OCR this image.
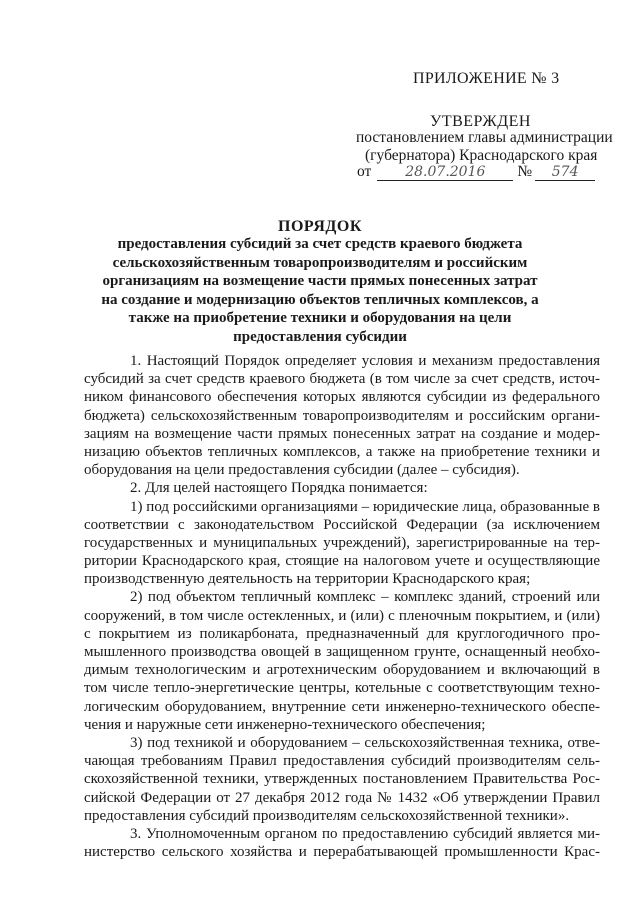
ПРИЛОЖЕНИЕ № 3
УТВЕРЖДЕН
постановлением главы администрации
(губернатора) Краснодарского края
от 28.07.2016 № 574
ПОРЯДОК
предоставления субсидий за счет средств краевого бюджета
сельскохозяйственным товаропроизводителям и российским
организациям на возмещение части прямых понесенных затрат
на создание и модернизацию объектов тепличных комплексов, а
также на приобретение техники и оборудования на цели
предоставления субсидии
1. Настоящий Порядок определяет условия и механизм предоставления
субсидий за счет средств краевого бюджета (в том числе за счет средств, источ-
ником финансового обеспечения которых являются субсидии из федерального
бюджета) сельскохозяйственным товаропроизводителям и российским органи-
зациям на возмещение части прямых понесенных затрат на создание и модер-
низацию объектов тепличных комплексов, а также на приобретение техники и
оборудования на цели предоставления субсидии (далее – субсидия).
2. Для целей настоящего Порядка понимается:
1) под российскими организациями – юридические лица, образованные в
соответствии с законодательством Российской Федерации (за исключением
государственных и муниципальных учреждений), зарегистрированные на тер-
ритории Краснодарского края, стоящие на налоговом учете и осуществляющие
производственную деятельность на территории Краснодарского края;
2) под объектом тепличный комплекс – комплекс зданий, строений или
сооружений, в том числе остекленных, и (или) с пленочным покрытием, и (или)
с покрытием из поликарбоната, предназначенный для круглогодичного про-
мышленного производства овощей в защищенном грунте, оснащенный необхо-
димым технологическим и агротехническим оборудованием и включающий в
том числе тепло-энергетические центры, котельные с соответствующим техно-
логическим оборудованием, внутренние сети инженерно-технического обеспе-
чения и наружные сети инженерно-технического обеспечения;
3) под техникой и оборудованием – сельскохозяйственная техника, отве-
чающая требованиям Правил предоставления субсидий производителям сель-
скохозяйственной техники, утвержденных постановлением Правительства Рос-
сийской Федерации от 27 декабря 2012 года № 1432 «Об утверждении Правил
предоставления субсидий производителям сельскохозяйственной техники».
3. Уполномоченным органом по предоставлению субсидий является ми-
нистерство сельского хозяйства и перерабатывающей промышленности Крас-
